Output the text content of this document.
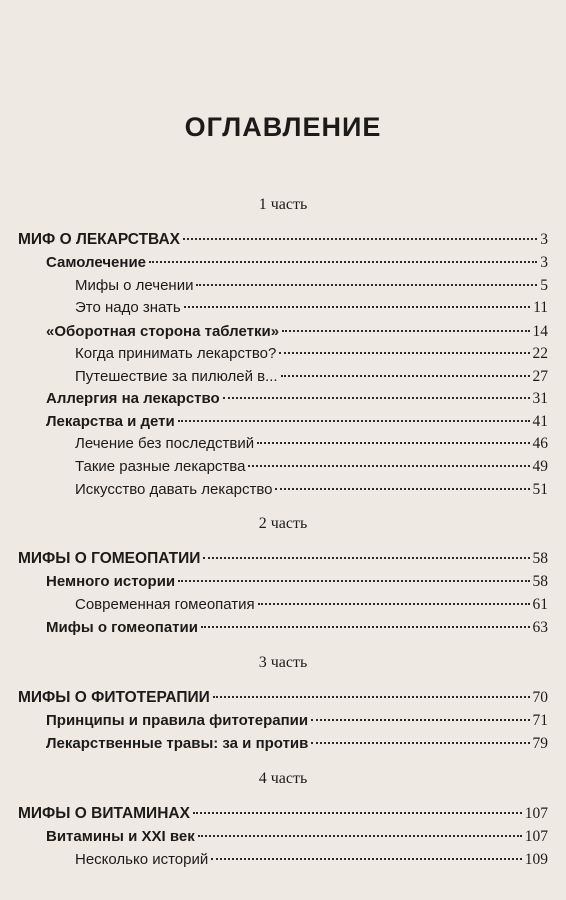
ОГЛАВЛЕНИЕ
1 часть
МИФ О ЛЕКАРСТВАХ	3
Самолечение	3
Мифы о лечении	5
Это надо знать	11
«Оборотная сторона таблетки»	14
Когда принимать лекарство?	22
Путешествие за пилюлей в...	27
Аллергия на лекарство	31
Лекарства и дети	41
Лечение без последствий	46
Такие разные лекарства	49
Искусство давать лекарство	51
2 часть
МИФЫ О ГОМЕОПАТИИ	58
Немного истории	58
Современная гомеопатия	61
Мифы о гомеопатии	63
3 часть
МИФЫ О ФИТОТЕРАПИИ	70
Принципы и правила фитотерапии	71
Лекарственные травы: за и против	79
4 часть
МИФЫ О ВИТАМИНАХ	107
Витамины и XXI век	107
Несколько историй	109
